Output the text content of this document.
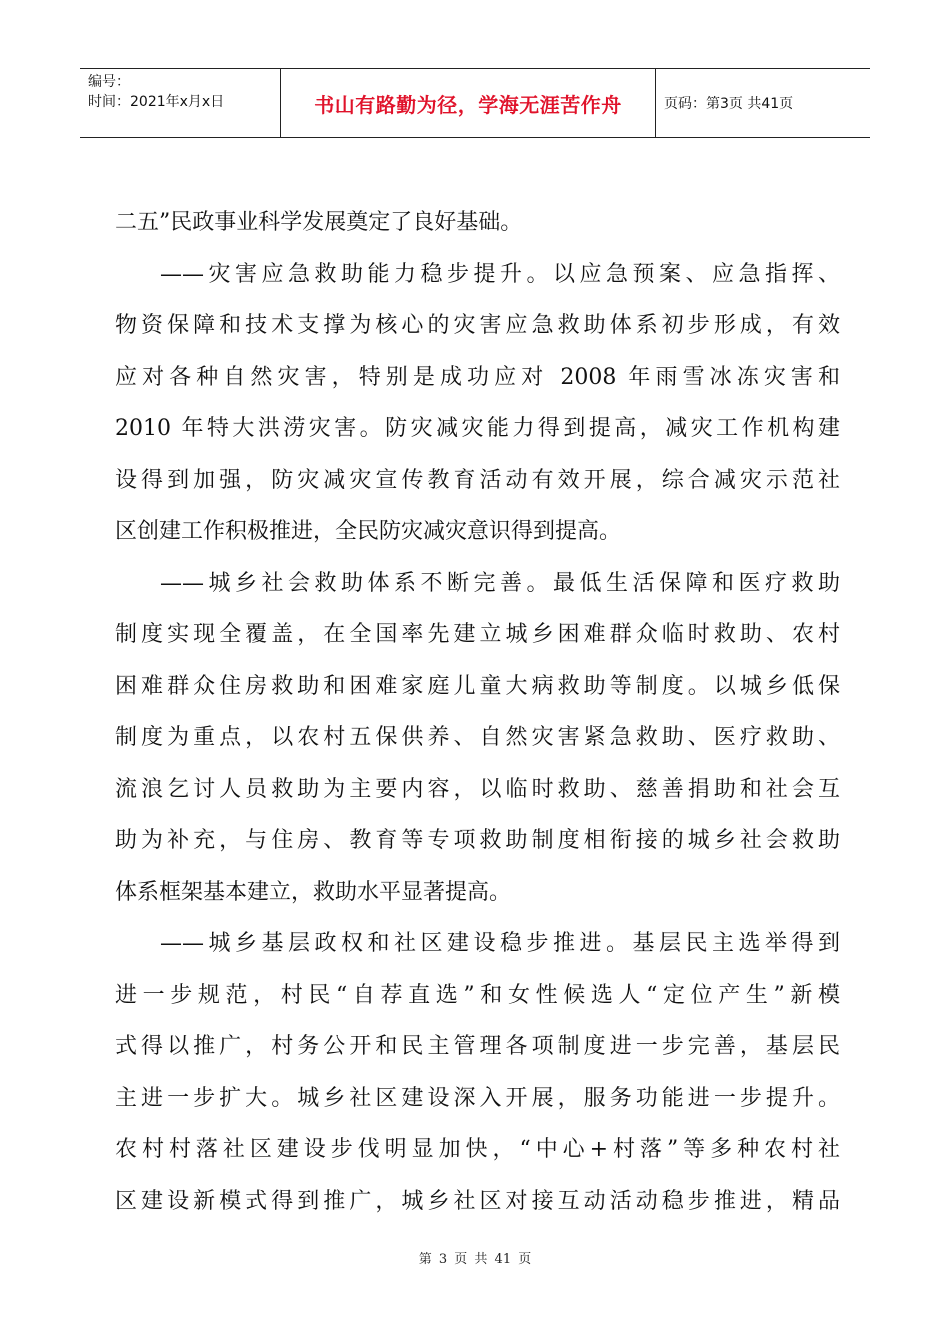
编号：
时间：2021年x月x日	书山有路勤为径，学海无涯苦作舟	页码：第3页 共41页
二五”民政事业科学发展奠定了良好基础。
——灾害应急救助能力稳步提升。以应急预案、应急指挥、
物资保障和技术支撑为核心的灾害应急救助体系初步形成，有效
应对各种自然灾害，特别是成功应对 2008 年雨雪冰冻灾害和
2010 年特大洪涝灾害。防灾减灾能力得到提高，减灾工作机构建
设得到加强，防灾减灾宣传教育活动有效开展，综合减灾示范社
区创建工作积极推进，全民防灾减灾意识得到提高。
——城乡社会救助体系不断完善。最低生活保障和医疗救助
制度实现全覆盖，在全国率先建立城乡困难群众临时救助、农村
困难群众住房救助和困难家庭儿童大病救助等制度。以城乡低保
制度为重点，以农村五保供养、自然灾害紧急救助、医疗救助、
流浪乞讨人员救助为主要内容，以临时救助、慈善捐助和社会互
助为补充，与住房、教育等专项救助制度相衔接的城乡社会救助
体系框架基本建立，救助水平显著提高。
——城乡基层政权和社区建设稳步推进。基层民主选举得到
进一步规范，村民“自荐直选”和女性候选人“定位产生”新模
式得以推广，村务公开和民主管理各项制度进一步完善，基层民
主进一步扩大。城乡社区建设深入开展，服务功能进一步提升。
农村村落社区建设步伐明显加快，“中心+村落”等多种农村社
区建设新模式得到推广，城乡社区对接互动活动稳步推进，精品
第 3 页 共 41 页
